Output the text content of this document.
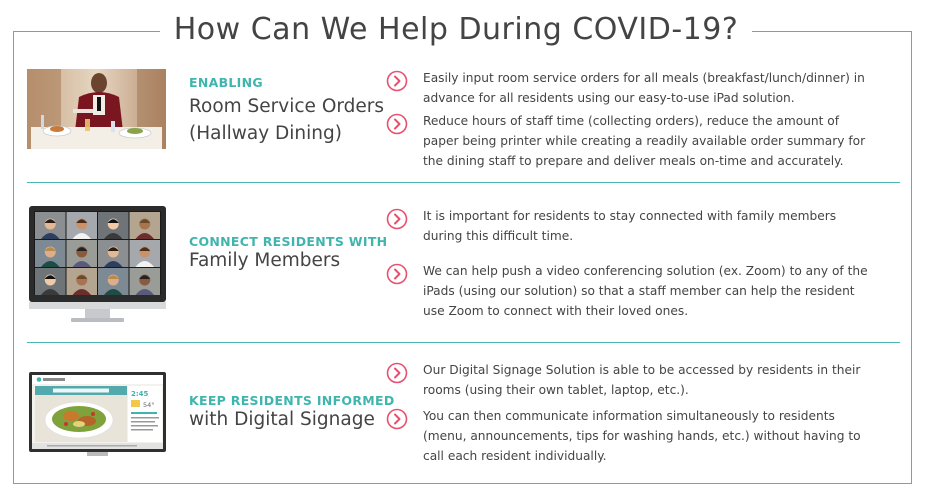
How Can We Help During COVID-19?
ENABLING
Room Service Orders
(Hallway Dining)
Easily input room service orders for all meals (breakfast/lunch/dinner) in advance for all residents using our easy-to-use iPad solution.
Reduce hours of staff time (collecting orders), reduce the amount of paper being printer while creating a readily available order summary for the dining staff to prepare and deliver meals on-time and accurately.
CONNECT RESIDENTS WITH
Family Members
It is important for residents to stay connected with family members during this difficult time.
We can help push a video conferencing solution (ex. Zoom) to any of the iPads (using our solution) so that a staff member can help the resident use Zoom to connect with their loved ones.
2:45
54°	KEEP RESIDENTS INFORMED
with Digital Signage
Our Digital Signage Solution is able to be accessed by residents in their rooms (using their own tablet, laptop, etc.).
You can then communicate information simultaneously to residents (menu, announcements, tips for washing hands, etc.) without having to call each resident individually.
